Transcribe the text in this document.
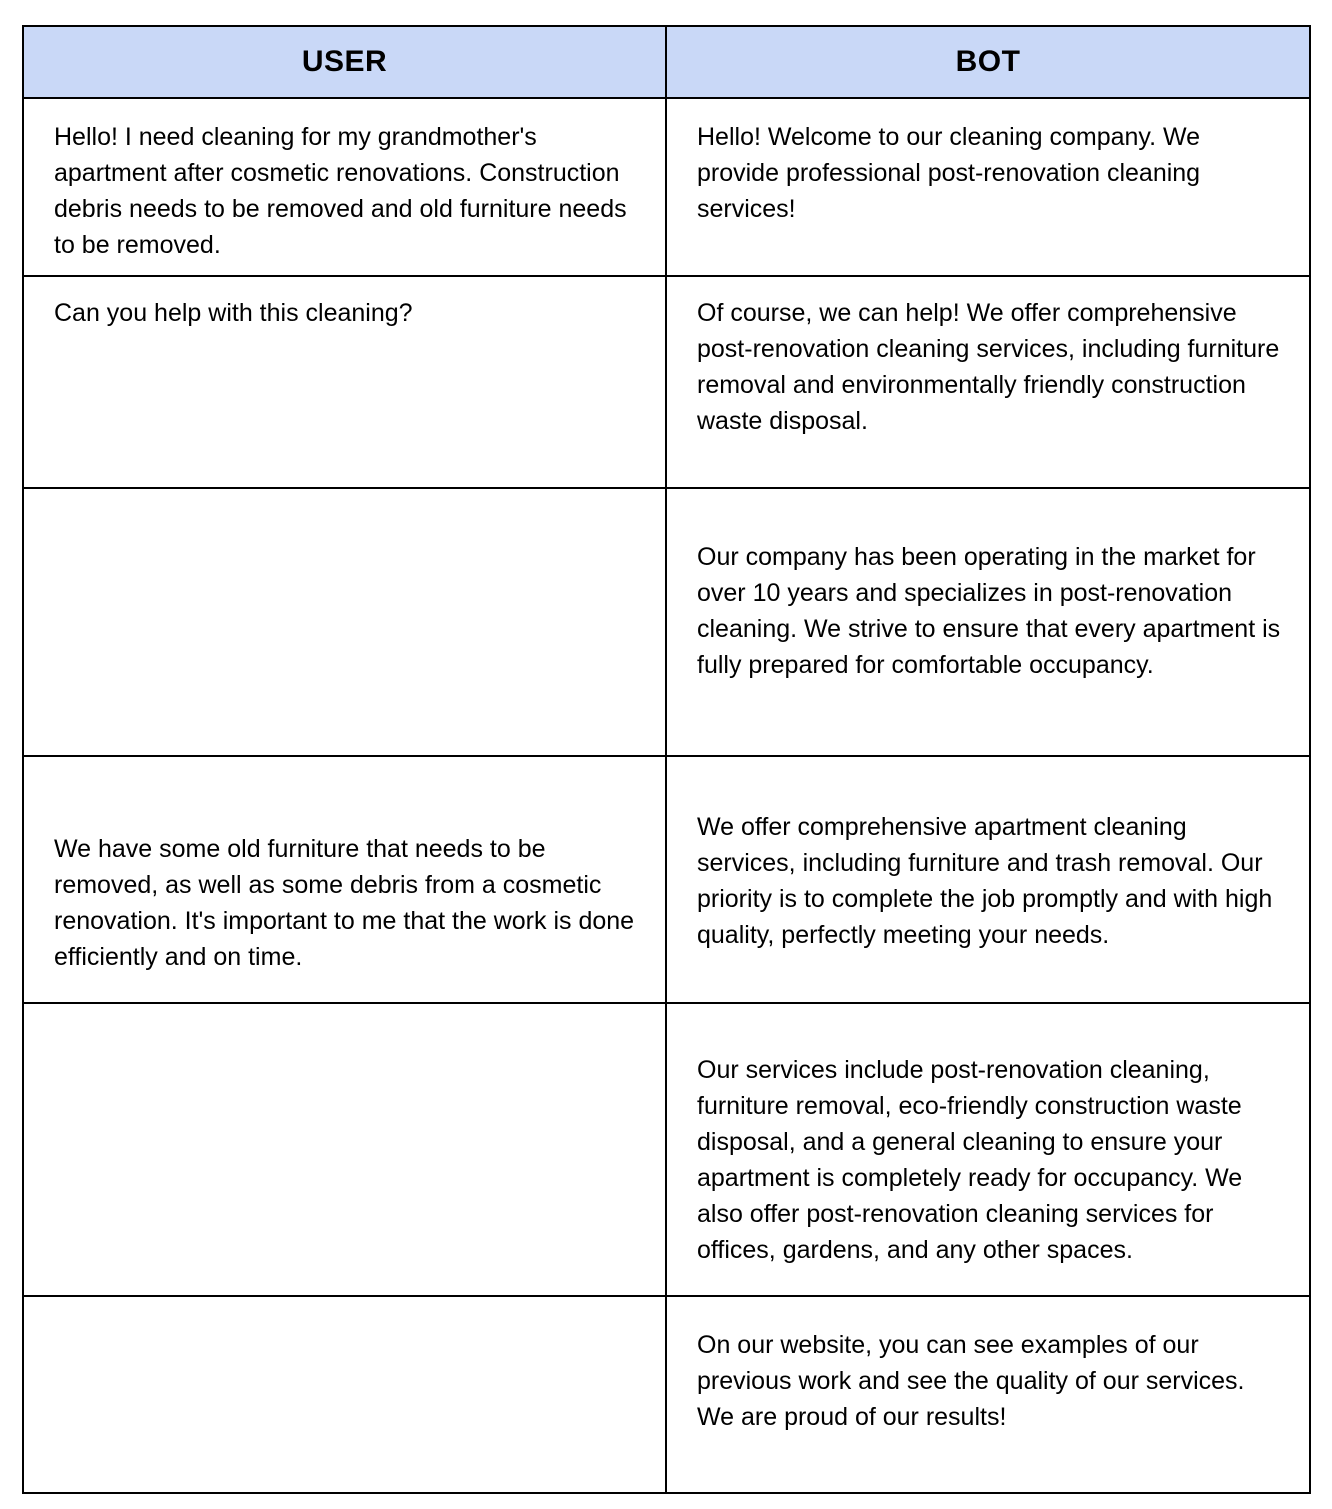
USER	BOT

Hello! I need cleaning for my grandmother's apartment after cosmetic renovations. Construction debris needs to be removed and old furniture needs to be removed.	Hello! Welcome to our cleaning company. We provide professional post-renovation cleaning services!

Can you help with this cleaning?	Of course, we can help! We offer comprehensive post-renovation cleaning services, including furniture removal and environmentally friendly construction waste disposal.

	Our company has been operating in the market for over 10 years and specializes in post-renovation cleaning. We strive to ensure that every apartment is fully prepared for comfortable occupancy.

We have some old furniture that needs to be removed, as well as some debris from a cosmetic renovation. It's important to me that the work is done efficiently and on time.	We offer comprehensive apartment cleaning services, including furniture and trash removal. Our priority is to complete the job promptly and with high quality, perfectly meeting your needs.

	Our services include post-renovation cleaning, furniture removal, eco-friendly construction waste disposal, and a general cleaning to ensure your apartment is completely ready for occupancy. We also offer post-renovation cleaning services for offices, gardens, and any other spaces.

	On our website, you can see examples of our previous work and see the quality of our services. We are proud of our results!
